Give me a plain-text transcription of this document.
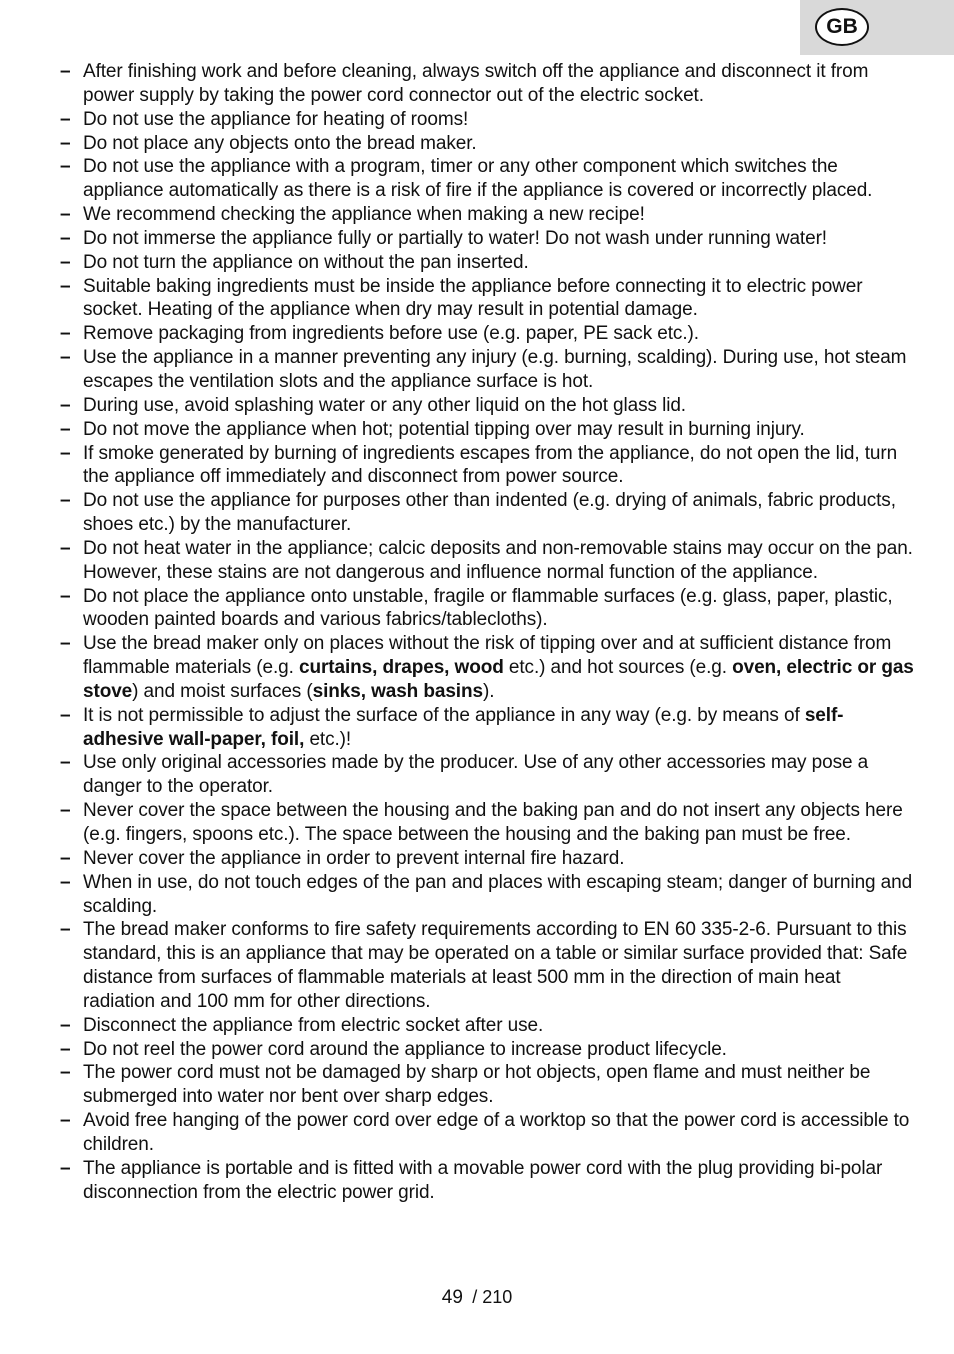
GB
– After finishing work and before cleaning, always switch off the appliance and disconnect it from power supply by taking the power cord connector out of the electric socket.
– Do not use the appliance for heating of rooms!
– Do not place any objects onto the bread maker.
– Do not use the appliance with a program, timer or any other component which switches the appliance automatically as there is a risk of fire if the appliance is covered or incorrectly placed.
– We recommend checking the appliance when making a new recipe!
– Do not immerse the appliance fully or partially to water! Do not wash under running water!
– Do not turn the appliance on without the pan inserted.
– Suitable baking ingredients must be inside the appliance before connecting it to electric power socket. Heating of the appliance when dry may result in potential damage.
– Remove packaging from ingredients before use (e.g. paper, PE sack etc.).
– Use the appliance in a manner preventing any injury (e.g. burning, scalding). During use, hot steam escapes the ventilation slots and the appliance surface is hot.
– During use, avoid splashing water or any other liquid on the hot glass lid.
– Do not move the appliance when hot; potential tipping over may result in burning injury.
– If smoke generated by burning of ingredients escapes from the appliance, do not open the lid, turn the appliance off immediately and disconnect from power source.
– Do not use the appliance for purposes other than indented (e.g. drying of animals, fabric products, shoes etc.) by the manufacturer.
– Do not heat water in the appliance; calcic deposits and non-removable stains may occur on the pan. However, these stains are not dangerous and influence normal function of the appliance.
– Do not place the appliance onto unstable, fragile or flammable surfaces (e.g. glass, paper, plastic, wooden painted boards and various fabrics/tablecloths).
– Use the bread maker only on places without the risk of tipping over and at sufficient distance from flammable materials (e.g. curtains, drapes, wood etc.) and hot sources (e.g. oven, electric or gas stove) and moist surfaces (sinks, wash basins).
– It is not permissible to adjust the surface of the appliance in any way (e.g. by means of self-adhesive wall-paper, foil, etc.)!
– Use only original accessories made by the producer. Use of any other accessories may pose a danger to the operator.
– Never cover the space between the housing and the baking pan and do not insert any objects here (e.g. fingers, spoons etc.). The space between the housing and the baking pan must be free.
– Never cover the appliance in order to prevent internal fire hazard.
– When in use, do not touch edges of the pan and places with escaping steam; danger of burning and scalding.
– The bread maker conforms to fire safety requirements according to EN 60 335-2-6. Pursuant to this standard, this is an appliance that may be operated on a table or similar surface provided that: Safe distance from surfaces of flammable materials at least 500 mm in the direction of main heat radiation and 100 mm for other directions.
– Disconnect the appliance from electric socket after use.
– Do not reel the power cord around the appliance to increase product lifecycle.
– The power cord must not be damaged by sharp or hot objects, open flame and must neither be submerged into water nor bent over sharp edges.
– Avoid free hanging of the power cord over edge of a worktop so that the power cord is accessible to children.
– The appliance is portable and is fitted with a movable power cord with the plug providing bi-polar disconnection from the electric power grid.
49 / 210
